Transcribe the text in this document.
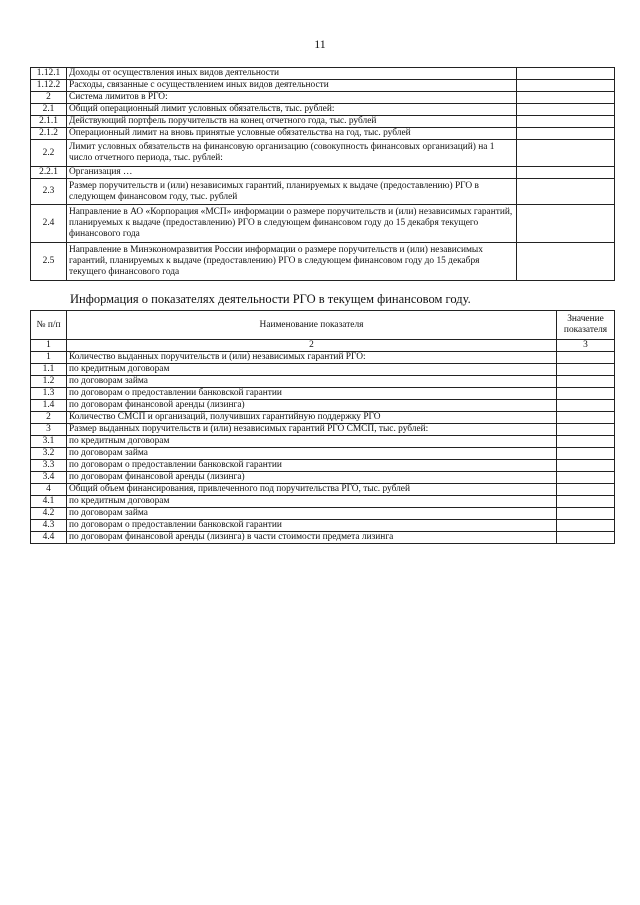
11
1.12.1	Доходы от осуществления иных видов деятельности	
1.12.2	Расходы, связанные с осуществлением иных видов деятельности	
2	Система лимитов в РГО:	
2.1	Общий операционный лимит условных обязательств, тыс. рублей:	
2.1.1	Действующий портфель поручительств на конец отчетного года, тыс. рублей	
2.1.2	Операционный лимит на вновь принятые условные обязательства на год, тыс. рублей	
2.2	Лимит условных обязательств на финансовую организацию (совокупность финансовых организаций) на 1 число отчетного периода, тыс. рублей:	
2.2.1	Организация …	
2.3	Размер поручительств и (или) независимых гарантий, планируемых к выдаче (предоставлению) РГО в следующем финансовом году, тыс. рублей	
2.4	Направление в АО «Корпорация «МСП» информации о размере поручительств и (или) независимых гарантий, планируемых к выдаче (предоставлению) РГО в следующем финансовом году до 15 декабря текущего финансового года	
2.5	Направление в Минэкономразвития России информации о размере поручительств и (или) независимых гарантий, планируемых к выдаче (предоставлению) РГО в следующем финансовом году до 15 декабря текущего финансового года	
Информация о показателях деятельности РГО в текущем финансовом году.
№ п/п	Наименование показателя	Значение показателя
1	2	3
1	Количество выданных поручительств и (или) независимых гарантий РГО:	
1.1	по кредитным договорам	
1.2	по договорам займа	
1.3	по договорам о предоставлении банковской гарантии	
1.4	по договорам финансовой аренды (лизинга)	
2	Количество СМСП и организаций, получивших гарантийную поддержку РГО	
3	Размер выданных поручительств и (или) независимых гарантий РГО СМСП, тыс. рублей:	
3.1	по кредитным договорам	
3.2	по договорам займа	
3.3	по договорам о предоставлении банковской гарантии	
3.4	по договорам финансовой аренды (лизинга)	
4	Общий объем финансирования, привлеченного под поручительства РГО, тыс. рублей	
4.1	по кредитным договорам	
4.2	по договорам займа	
4.3	по договорам о предоставлении банковской гарантии	
4.4	по договорам финансовой аренды (лизинга) в части стоимости предмета лизинга	
